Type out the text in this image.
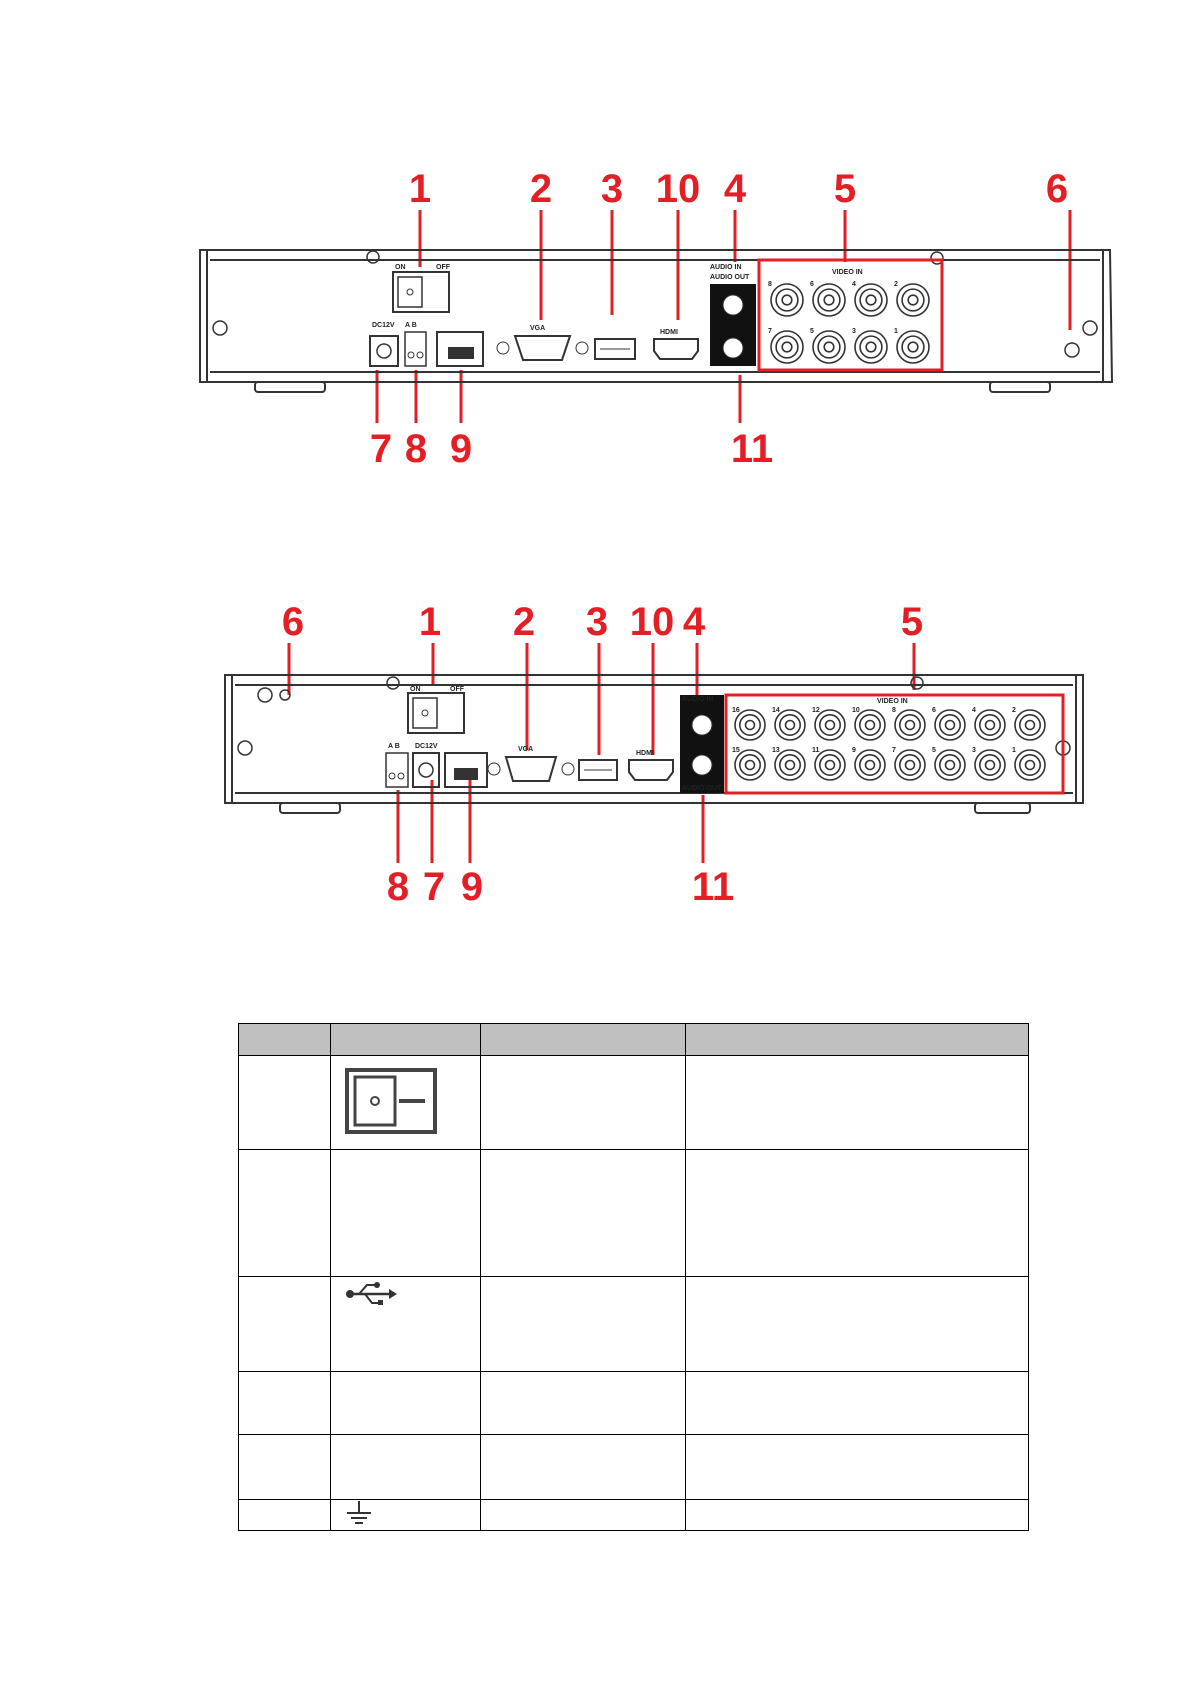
1 2 3 10 4 5	6
7 8 9	11
ON	OFF
DC12V A B	VGA
HDMI
AUDIO IN
AUDIO OUT
VIDEO IN
8	6	4	2
7	5	3	1
6	1 2 3 10 4	5
8 7 9	11
ON	OFF
A B DC12V	VGA
HDMI
AUDIO IN
AUDIO OUT
VIDEO IN
16	14	12	10	8	6	4	2
15	13	11	9	7	5	3	1
